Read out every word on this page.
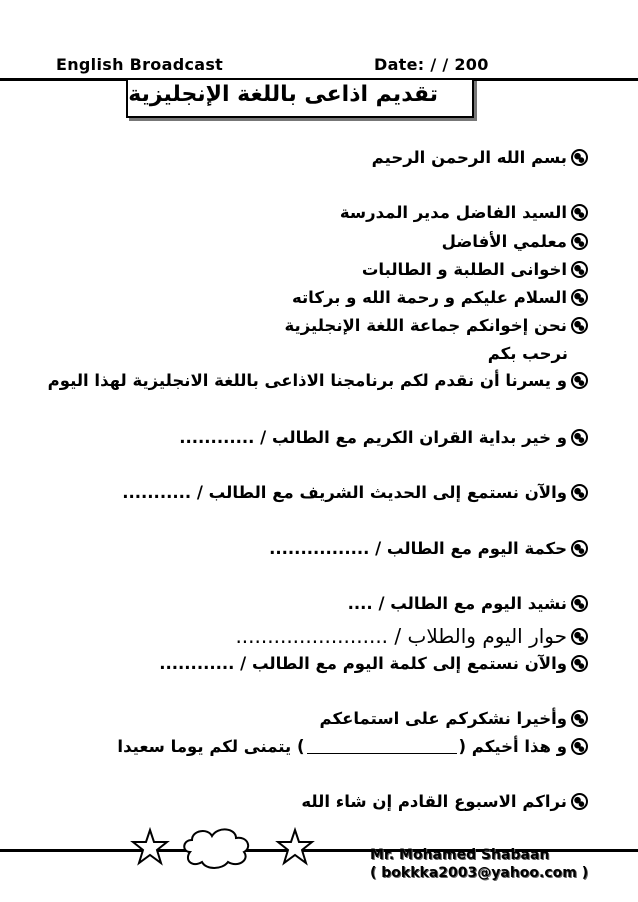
English Broadcast	Date: / / 200
تقديم اذاعى باللغة الإنجليزية
بسم الله الرحمن الرحيم
السيد الفاضل مدير المدرسة
معلمي الأفاضل
اخوانى الطلبة و الطالبات
السلام عليكم و رحمة الله و بركاته
نحن إخوانكم جماعة اللغة الإنجليزية
نرحب بكم
و يسرنا أن نقدم لكم برنامجنا الاذاعى باللغة الانجليزية لهذا اليوم
و خير بداية القران الكريم مع الطالب / ............
والآن نستمع إلى الحديث الشريف مع الطالب / ...........
حكمة اليوم مع الطالب / ................
نشيد اليوم مع الطالب / ....
حوار اليوم والطلاب / ........................
والآن نستمع إلى كلمة اليوم مع الطالب / ............
وأخيرا نشكركم على استماعكم
و هذا أخيكم (
) يتمنى لكم يوما سعيدا
نراكم الاسبوع القادم إن شاء الله
Mr. Mohamed Shabaan
( bokkka2003@yahoo.com )
